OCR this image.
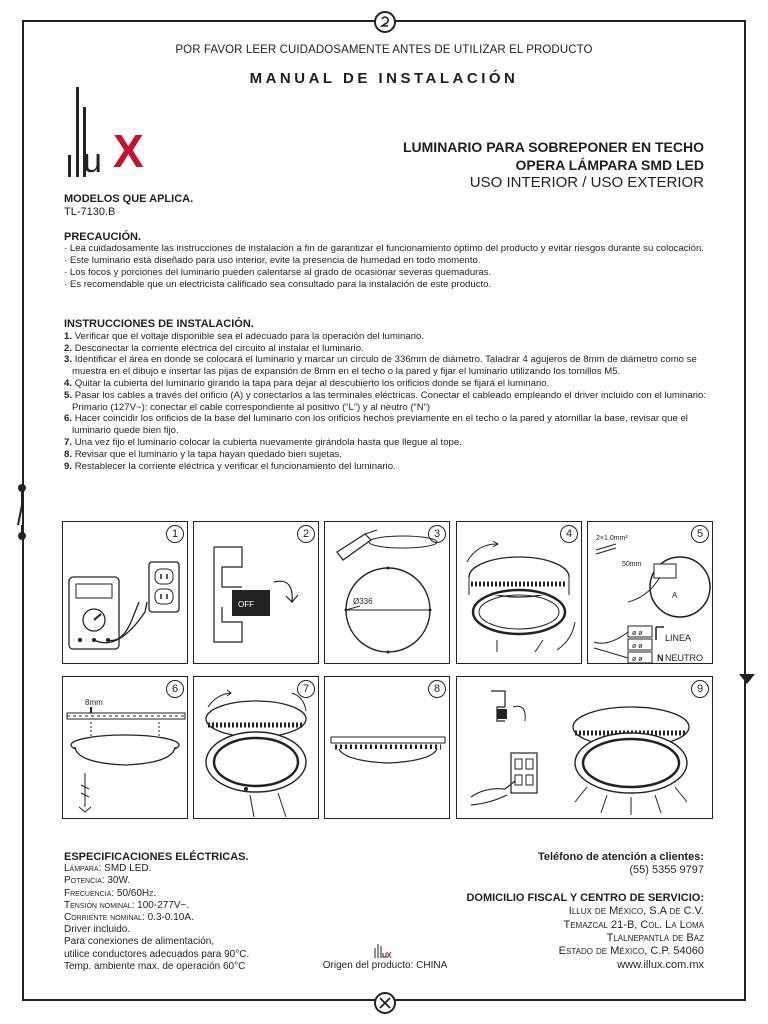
POR FAVOR LEER CUIDADOSAMENTE ANTES DE UTILIZAR EL PRODUCTO
MANUAL DE INSTALACIÓN
u X	LUMINARIO PARA SOBREPONER EN TECHO
OPERA LÁMPARA SMD LED
USO INTERIOR / USO EXTERIOR
MODELOS QUE APLICA.
TL-7130.B
PRECAUCIÓN.
· Lea cuidadosamente las instrucciones de instalación a fin de garantizar el funcionamiento óptimo del producto y evitar riesgos durante su colocación.
· Este luminario está diseñado para uso interior, evite la presencia de humedad en todo momento.
· Los focos y porciones del luminario pueden calentarse al grado de ocasionar severas quemaduras.
· Es recomendable que un electricista calificado sea consultado para la instalación de este producto.
INSTRUCCIONES DE INSTALACIÓN.
1. Verificar que el voltaje disponible sea el adecuado para la operación del luminario.
2. Desconectar la corriente eléctrica del circuito al instalar el luminario.
3. Identificar el área en donde se colocará el luminario y marcar un círculo de 336mm de diámetro. Taladrar 4 agujeros de 8mm de diámetro como se muestra en el dibujo e insertar las pijas de expansión de 8mm en el techo o la pared y fijar el luminario utilizando los tornillos M5.
4. Quitar la cubierta del luminario girando la tapa para dejar al descubierto los orificios donde se fijará el luminario.
5. Pasar los cables a través del orificio (A) y conectarlos a las terminales eléctricas. Conectar el cableado empleando el driver incluido con el luminario: Primario (127V~): conectar el cable correspondiente al positivo (“L”) y al neutro (“N”)
6. Hacer coincidir los orificios de la base del luminario con los orificios hechos previamente en el techo o la pared y atornillar la base, revisar que el luminario quede bien fijo.
7. Una vez fijo el luminario colocar la cubierta nuevamente girándola hasta que llegue al tope.
8. Revisar que el luminario y la tapa hayan quedado bien sujetas.
9. Restablecer la corriente eléctrica y verificar el funcionamiento del luminario.
1	2
OFF
3
Ø336
4	5
2×1.0mm²
50mm
A
ø ø
ø ø
ø ø N
LINEA
NEUTRO
6
8mm
7	8	9
ESPECIFICACIONES ELÉCTRICAS.
Lámpara: SMD LED.
Potencia: 30W.
Frecuencia: 50/60Hz.
Tensión nominal: 100-277V~.
Corriente nominal: 0.3-0.10A.
Driver incluido.
Para conexiones de alimentación,
utilice conductores adecuados para 90°C.
Temp. ambiente max. de operación 60°C	Origen del producto: CHINA
Teléfono de atención a clientes:
(55) 5355 9797
DOMICILIO FISCAL Y CENTRO DE SERVICIO:
Illux de México, S.A de C.V.
Temazcal 21-B, Col. La Loma
Tlalnepantla de Baz
Estado de México, C.P. 54060
www.illux.com.mx
